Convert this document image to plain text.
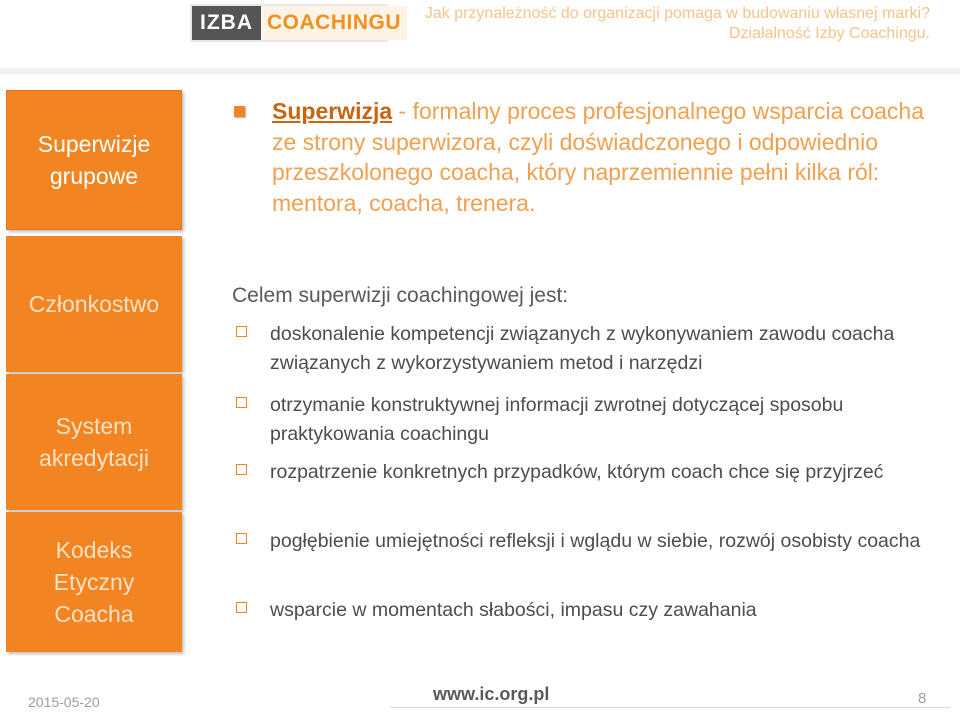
IZBA COACHINGU	Jak przynależność do organizacji pomaga w budowaniu własnej marki?
Działalność Izby Coachingu.
Superwizje grupowe
Członkostwo
System akredytacji
Kodeks Etyczny Coacha
Superwizja - formalny proces profesjonalnego wsparcia coacha ze strony superwizora, czyli doświadczonego i odpowiednio przeszkolonego coacha, który naprzemiennie pełni kilka ról: mentora, coacha, trenera.
Celem superwizji coachingowej jest:
doskonalenie kompetencji związanych z wykonywaniem zawodu coacha związanych z wykorzystywaniem metod i narzędzi
otrzymanie konstruktywnej informacji zwrotnej dotyczącej sposobu praktykowania coachingu
rozpatrzenie konkretnych przypadków, którym coach chce się przyjrzeć
pogłębienie umiejętności refleksji i wglądu w siebie, rozwój osobisty coacha
wsparcie w momentach słabości, impasu czy zawahania
2015-05-20	www.ic.org.pl	8
